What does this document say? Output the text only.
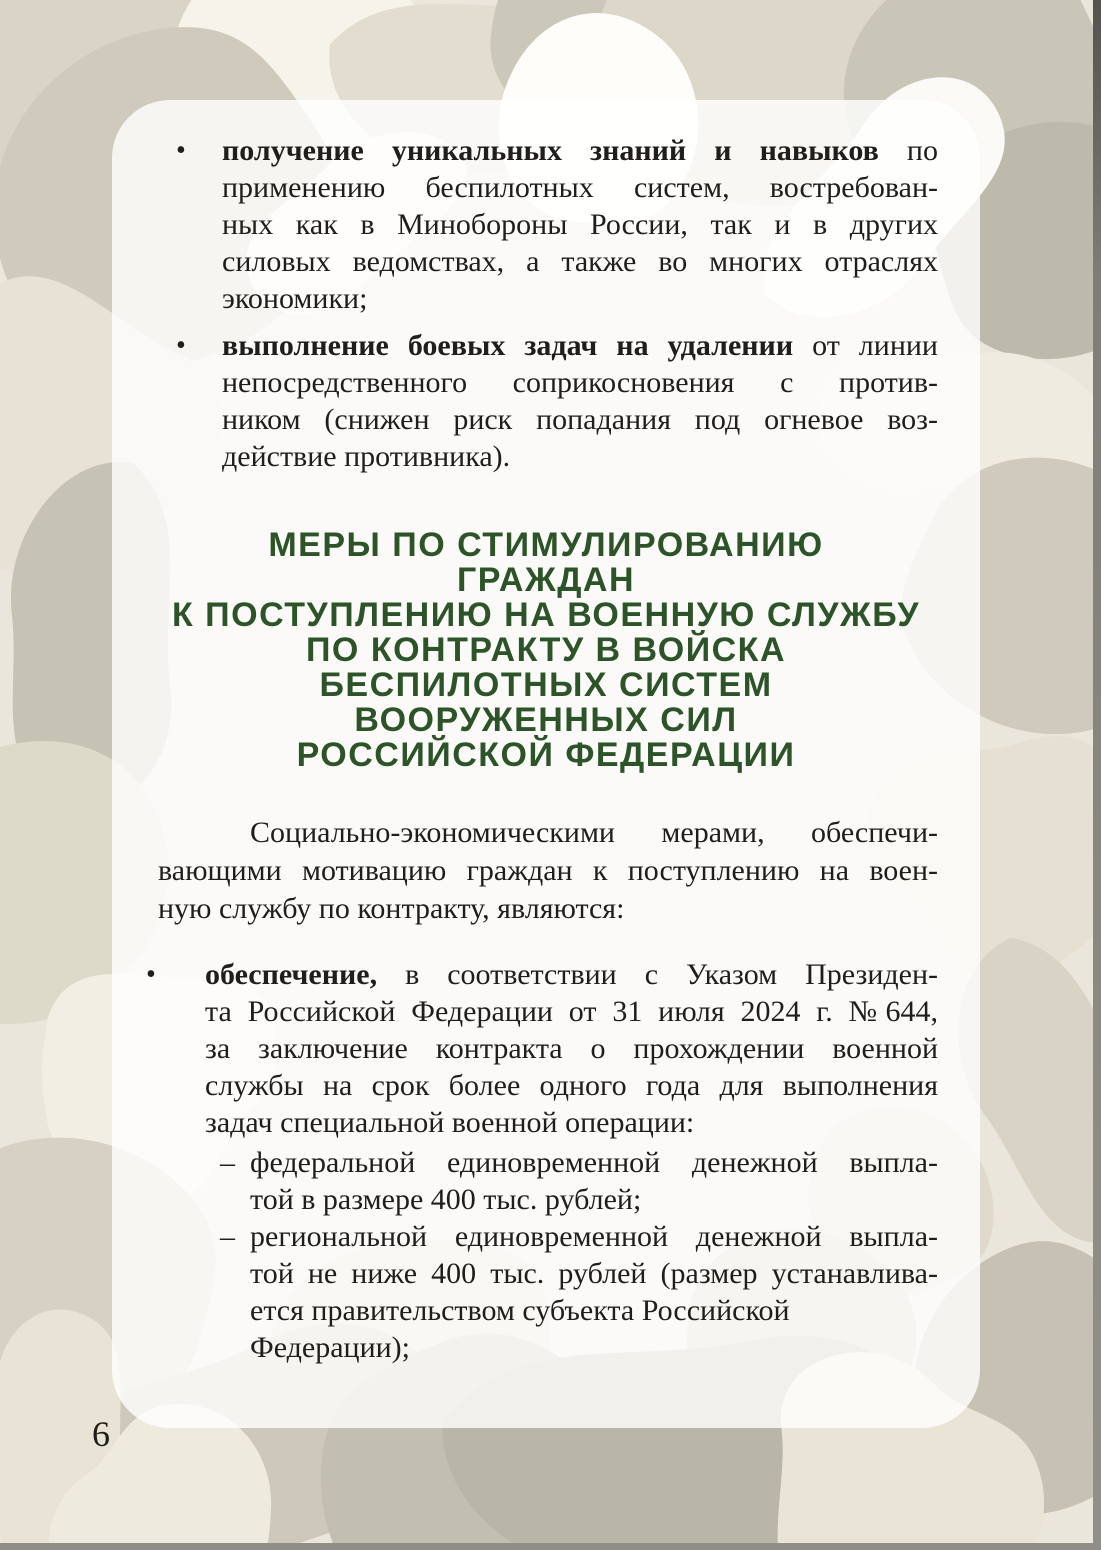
• получение уникальных знаний и навыков по
применению беспилотных систем, востребован-
ных как в Минобороны России, так и в других
силовых ведомствах, а также во многих отраслях
экономики;
• выполнение боевых задач на удалении от линии
непосредственного соприкосновения с против-
ником (снижен риск попадания под огневое воз-
действие противника).
МЕРЫ ПО СТИМУЛИРОВАНИЮ
ГРАЖДАН
К ПОСТУПЛЕНИЮ НА ВОЕННУЮ СЛУЖБУ
ПО КОНТРАКТУ В ВОЙСКА
БЕСПИЛОТНЫХ СИСТЕМ
ВООРУЖЕННЫХ СИЛ
РОССИЙСКОЙ ФЕДЕРАЦИИ
Социально-экономическими мерами, обеспечи-
вающими мотивацию граждан к поступлению на воен-
ную службу по контракту, являются:
• обеспечение, в соответствии с Указом Президен-
та Российской Федерации от 31 июля 2024 г. №644,
за заключение контракта о прохождении военной
службы на срок более одного года для выполнения
задач специальной военной операции:
– федеральной единовременной денежной выпла-
той в размере 400 тыс. рублей;
– региональной единовременной денежной выпла-
той не ниже 400 тыс. рублей (размер устанавлива-
ется правительством субъекта Российской
Федерации);
6
